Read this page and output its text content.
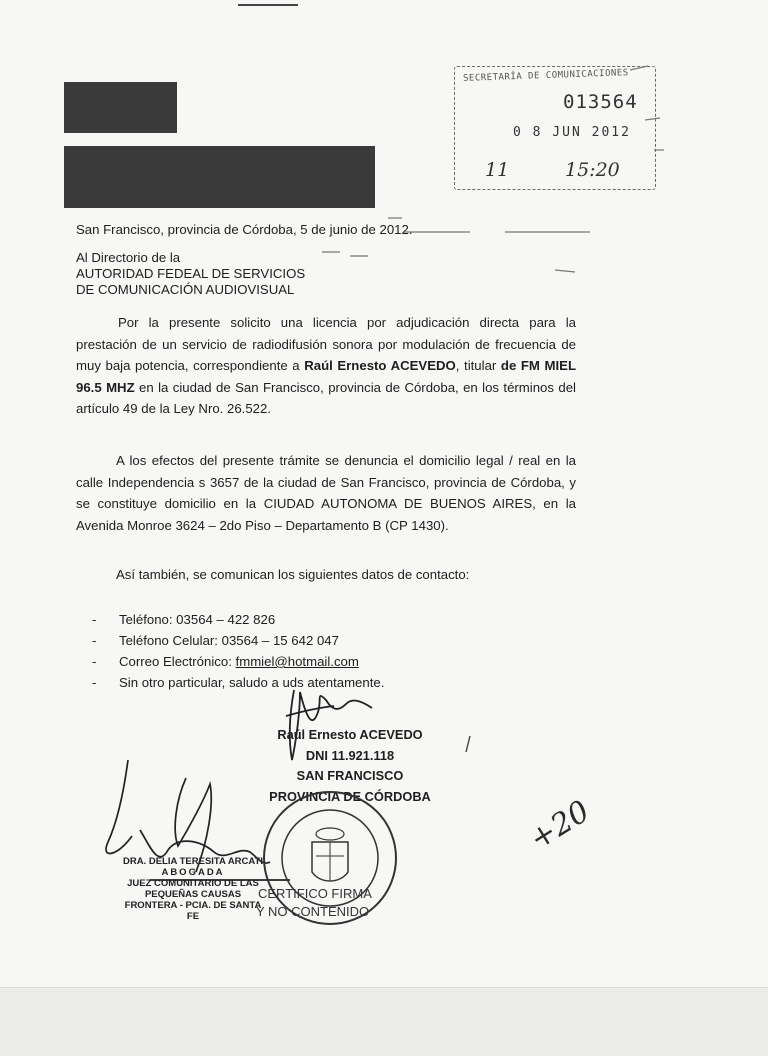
SECRETARÍA DE COMUNICACIONES
013564
0 8 JUN 2012
11	15:20
San Francisco, provincia de Córdoba, 5 de junio de 2012.
Al Directorio de la
AUTORIDAD FEDEAL DE SERVICIOS
DE COMUNICACIÓN AUDIOVISUAL
Por la presente solicito una licencia por adjudicación directa para la prestación de un servicio de radiodifusión sonora por modulación de frecuencia de muy baja potencia, correspondiente a Raúl Ernesto ACEVEDO, titular de FM MIEL 96.5 MHZ en la ciudad de San Francisco, provincia de Córdoba, en los términos del artículo 49 de la Ley Nro. 26.522.
A los efectos del presente trámite se denuncia el domicilio legal / real en la calle Independencia s 3657 de la ciudad de San Francisco, provincia de Córdoba, y se constituye domicilio en la CIUDAD AUTONOMA DE BUENOS AIRES, en la Avenida Monroe 3624 – 2do Piso – Departamento B (CP 1430).
Así también, se comunican los siguientes datos de contacto:
- Teléfono: 03564 – 422 826
- Teléfono Celular: 03564 – 15 642 047
- Correo Electrónico: fmmiel@hotmail.com
- Sin otro particular, saludo a uds atentamente.
Raúl Ernesto ACEVEDO
DNI 11.921.118
SAN FRANCISCO
PROVINCIA DE CÓRDOBA
DRA. DELIA TERESITA ARCATI
ABOGADA
JUEZ COMUNITARIO DE LAS
PEQUEÑAS CAUSAS
FRONTERA - PCIA. DE SANTA FE
CERTIFICO FIRMA
Y NO CONTENIDO
+20
